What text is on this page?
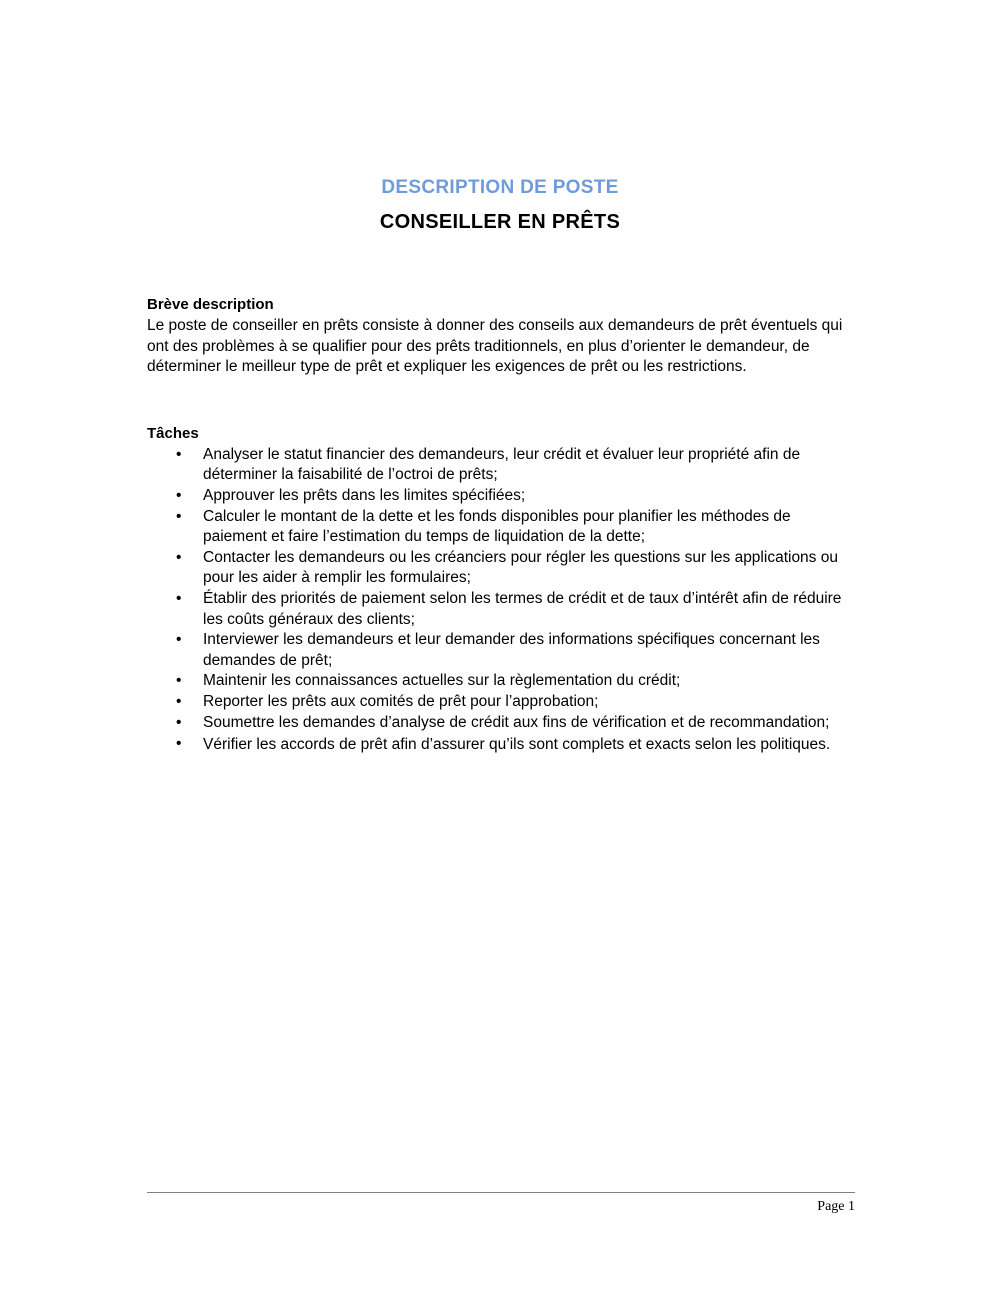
DESCRIPTION DE POSTE
CONSEILLER EN PRÊTS
Brève description

Le poste de conseiller en prêts consiste à donner des conseils aux demandeurs de prêt éventuels qui ont des problèmes à se qualifier pour des prêts traditionnels, en plus d’orienter le demandeur, de déterminer le meilleur type de prêt et expliquer les exigences de prêt ou les restrictions.

Tâches
• Analyser le statut financier des demandeurs, leur crédit et évaluer leur propriété afin de déterminer la faisabilité de l’octroi de prêts;
• Approuver les prêts dans les limites spécifiées;
• Calculer le montant de la dette et les fonds disponibles pour planifier les méthodes de paiement et faire l’estimation du temps de liquidation de la dette;
• Contacter les demandeurs ou les créanciers pour régler les questions sur les applications ou pour les aider à remplir les formulaires;
• Établir des priorités de paiement selon les termes de crédit et de taux d’intérêt afin de réduire les coûts généraux des clients;
• Interviewer les demandeurs et leur demander des informations spécifiques concernant les demandes de prêt;
• Maintenir les connaissances actuelles sur la règlementation du crédit;
• Reporter les prêts aux comités de prêt pour l’approbation;
• Soumettre les demandes d’analyse de crédit aux fins de vérification et de recommandation;
• Vérifier les accords de prêt afin d’assurer qu’ils sont complets et exacts selon les politiques.
Page 1
